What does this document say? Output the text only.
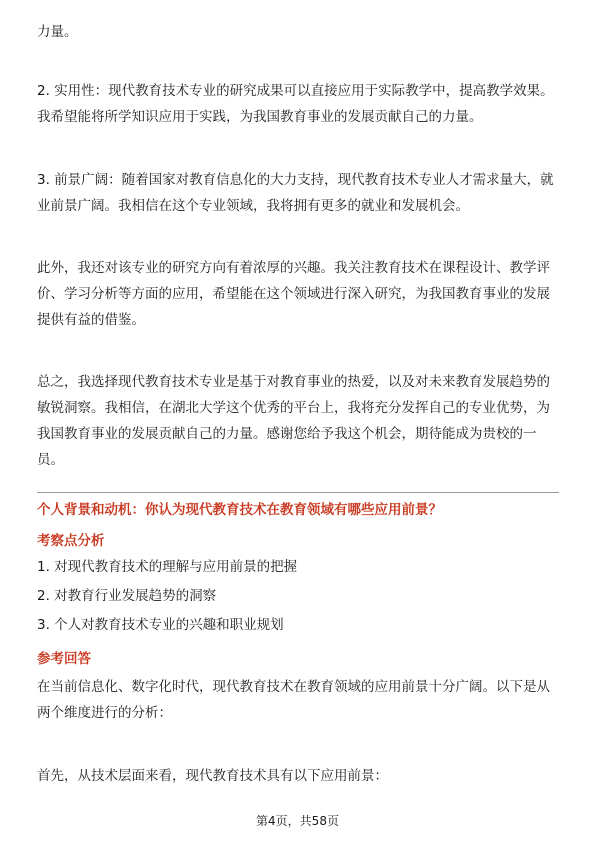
力量。
2. 实用性：现代教育技术专业的研究成果可以直接应用于实际教学中，提高教学效果。我希望能将所学知识应用于实践，为我国教育事业的发展贡献自己的力量。
3. 前景广阔：随着国家对教育信息化的大力支持，现代教育技术专业人才需求量大，就业前景广阔。我相信在这个专业领域，我将拥有更多的就业和发展机会。
此外，我还对该专业的研究方向有着浓厚的兴趣。我关注教育技术在课程设计、教学评价、学习分析等方面的应用，希望能在这个领域进行深入研究，为我国教育事业的发展提供有益的借鉴。
总之，我选择现代教育技术专业是基于对教育事业的热爱，以及对未来教育发展趋势的敏锐洞察。我相信，在湖北大学这个优秀的平台上，我将充分发挥自己的专业优势，为我国教育事业的发展贡献自己的力量。感谢您给予我这个机会，期待能成为贵校的一员。
个人背景和动机：你认为现代教育技术在教育领域有哪些应用前景？
考察点分析
1. 对现代教育技术的理解与应用前景的把握
2. 对教育行业发展趋势的洞察
3. 个人对教育技术专业的兴趣和职业规划
参考回答
在当前信息化、数字化时代，现代教育技术在教育领域的应用前景十分广阔。以下是从两个维度进行的分析：
首先，从技术层面来看，现代教育技术具有以下应用前景：
第4页，共58页
